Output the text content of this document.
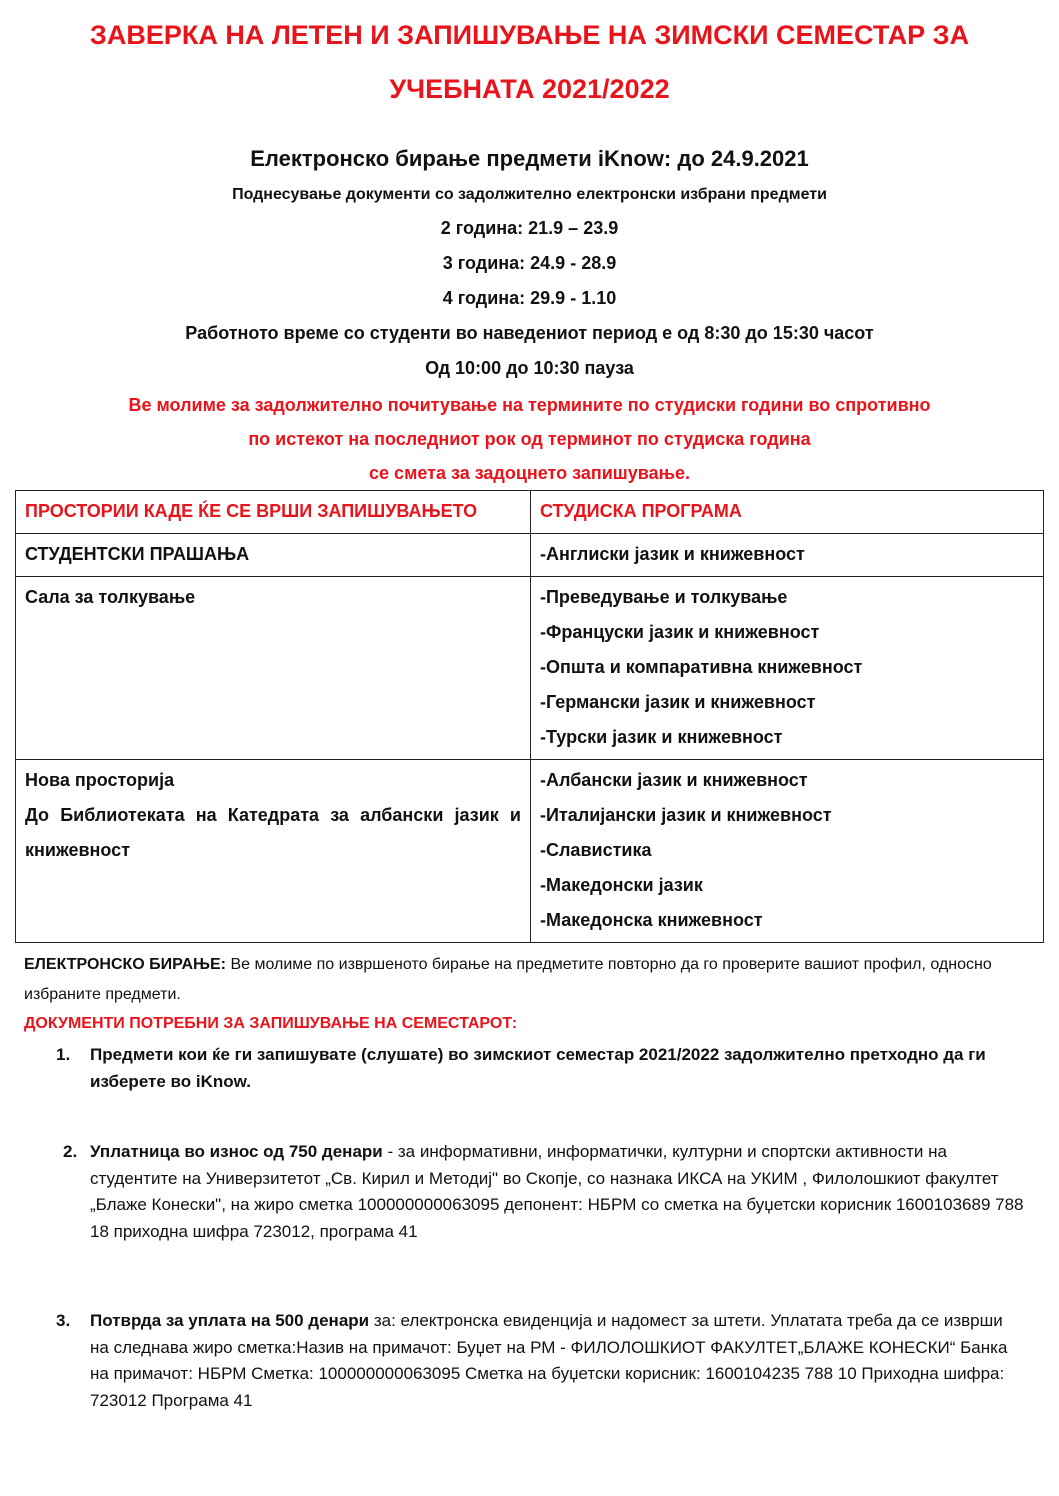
ЗАВЕРКА НА ЛЕТЕН И ЗАПИШУВАЊЕ НА ЗИМСКИ СЕМЕСТАР ЗА
УЧЕБНАТА 2021/2022
Електронско бирање предмети iKnow: до 24.9.2021
Поднесување документи со задолжително електронски избрани предмети
2 година: 21.9 – 23.9
3 година: 24.9 - 28.9
4 година: 29.9 - 1.10
Работното време со студенти во наведениот период е од 8:30 до 15:30 часот
Од 10:00 до 10:30 пауза
Ве молиме за задолжително почитување на термините по студиски години во спротивно
по истекот на последниот рок од терминот по студиска година
се смета за задоцнето запишување.
ПРОСТОРИИ КАДЕ ЌЕ СЕ ВРШИ ЗАПИШУВАЊЕТО	СТУДИСКА ПРОГРАМА

СТУДЕНТСКИ ПРАШАЊА	-Англиски јазик и книжевност

Сала за толкување	-Преведување и толкување
-Француски јазик и книжевност
-Општа и компаративна книжевност
-Германски јазик и книжевност
-Турски јазик и книжевност

Нова просторија
До Библиотеката на Катедрата за албански јазик и книжевност	-Албански јазик и книжевност
-Италијански јазик и книжевност
-Славистика
-Македонски јазик
-Македонска книжевност
ЕЛЕКТРОНСКО БИРАЊЕ: Ве молиме по извршеното бирање на предметите повторно да го проверите вашиот профил, односно избраните предмети.
ДОКУМЕНТИ ПОТРЕБНИ ЗА ЗАПИШУВАЊЕ НА СЕМЕСТАРОТ:
1. Предмети кои ќе ги запишувате (слушате) во зимскиот семестар 2021/2022 задолжително претходно да ги изберете во iKnow.
2. Уплатница во износ од 750 денари - за информативни, информатички, културни и спортски активности на студентите на Универзитетот „Св. Кирил и Методиј" во Скопје, со назнака ИКСА на УКИМ , Филолошкиот факултет „Блаже Конески", на жиро сметка 100000000063095 депонент: НБРМ со сметка на буџетски корисник 1600103689 788 18 приходна шифра 723012, програма 41
3. Потврда за уплата на 500 денари за: електронска евиденција и надомест за штети. Уплатата треба да се изврши на следнава жиро сметка:Назив на примачот: Буџет на РМ - ФИЛОЛОШКИОТ ФАКУЛТЕТ„БЛАЖЕ КОНЕСКИ“ Банка на примачот: НБРМ Сметка: 100000000063095 Сметка на буџетски корисник: 1600104235 788 10 Приходна шифра: 723012 Програма 41
